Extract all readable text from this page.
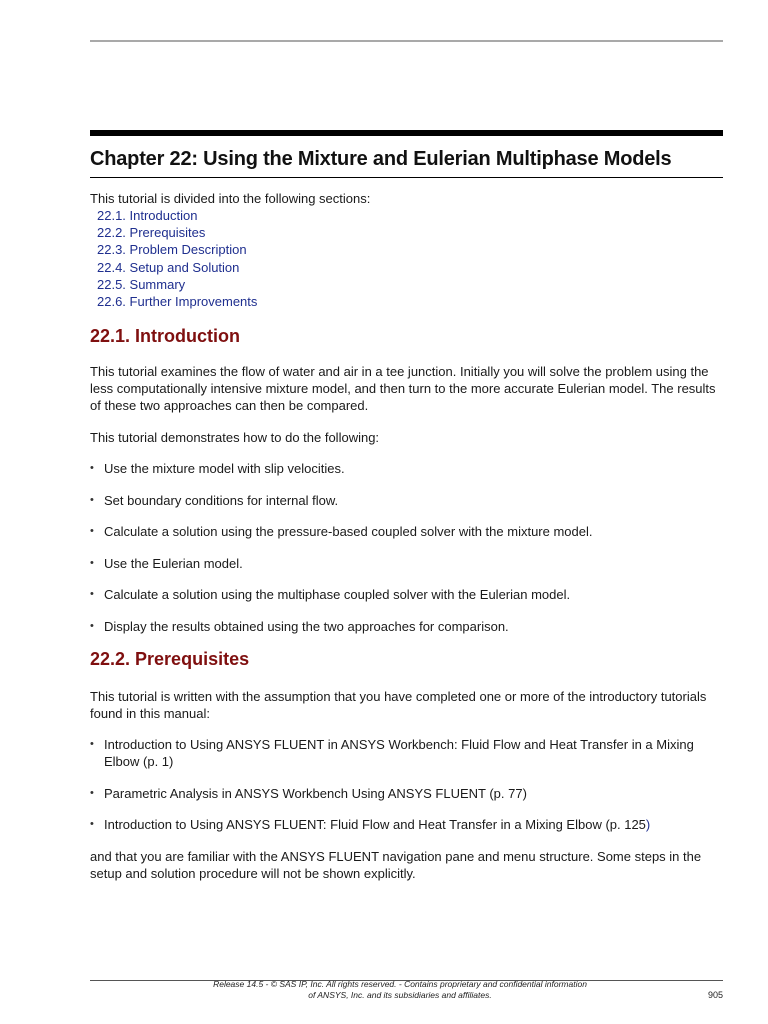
Chapter 22: Using the Mixture and Eulerian Multiphase Models
This tutorial is divided into the following sections:
22.1. Introduction
22.2. Prerequisites
22.3. Problem Description
22.4. Setup and Solution
22.5. Summary
22.6. Further Improvements
22.1. Introduction
This tutorial examines the flow of water and air in a tee junction. Initially you will solve the problem using the less computationally intensive mixture model, and then turn to the more accurate Eulerian model. The results of these two approaches can then be compared.
This tutorial demonstrates how to do the following:
• Use the mixture model with slip velocities.
• Set boundary conditions for internal flow.
• Calculate a solution using the pressure-based coupled solver with the mixture model.
• Use the Eulerian model.
• Calculate a solution using the multiphase coupled solver with the Eulerian model.
• Display the results obtained using the two approaches for comparison.
22.2. Prerequisites
This tutorial is written with the assumption that you have completed one or more of the introductory tutorials found in this manual:
• Introduction to Using ANSYS FLUENT in ANSYS Workbench: Fluid Flow and Heat Transfer in a Mixing Elbow (p. 1)
• Parametric Analysis in ANSYS Workbench Using ANSYS FLUENT (p. 77)
• Introduction to Using ANSYS FLUENT: Fluid Flow and Heat Transfer in a Mixing Elbow (p. 125)
and that you are familiar with the ANSYS FLUENT navigation pane and menu structure. Some steps in the setup and solution procedure will not be shown explicitly.
Release 14.5 - © SAS IP, Inc. All rights reserved. - Contains proprietary and confidential information
of ANSYS, Inc. and its subsidiaries and affiliates.	905
